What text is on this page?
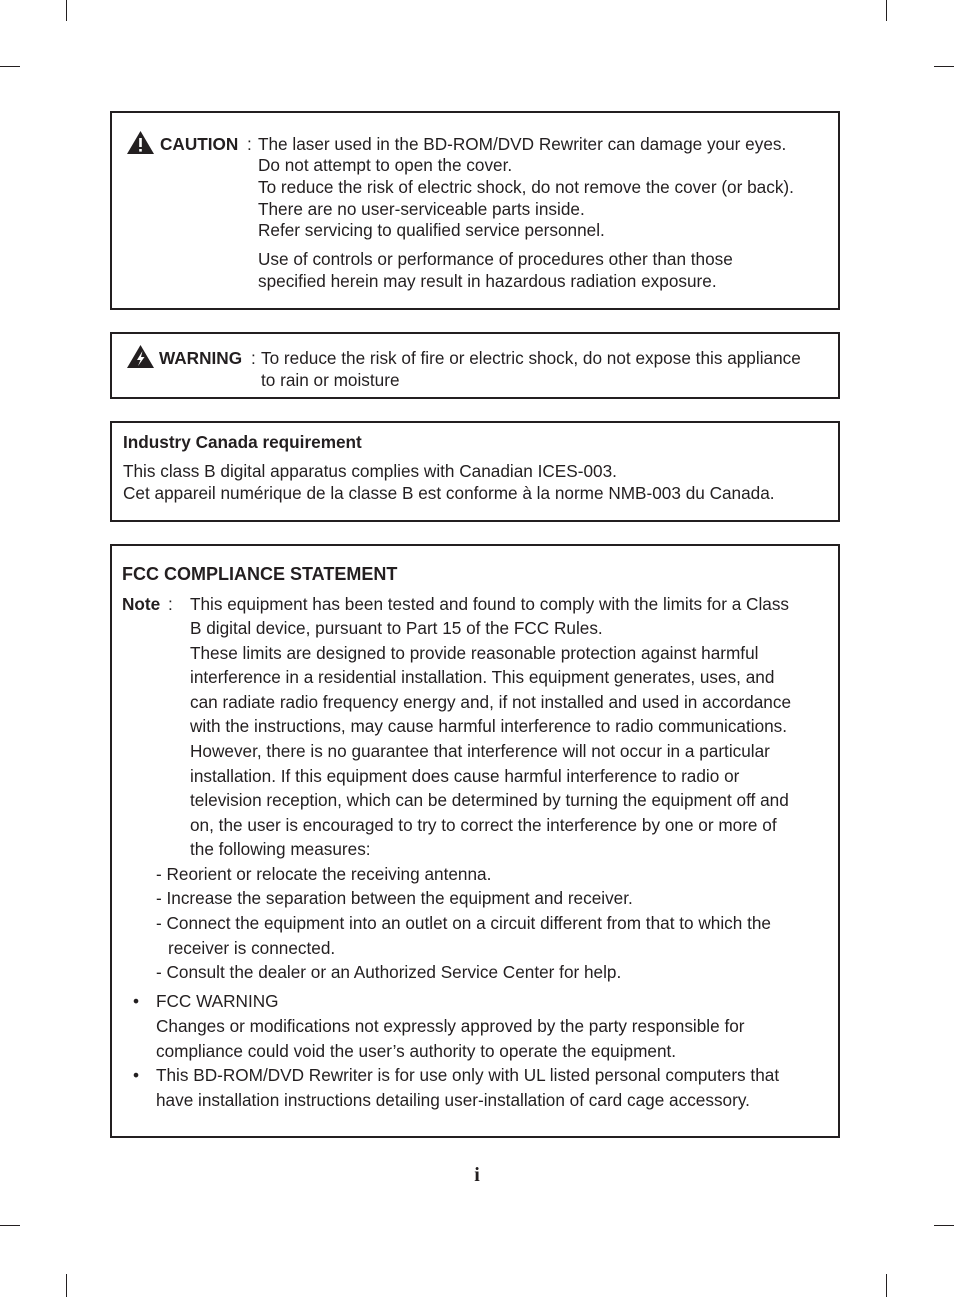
CAUTION : The laser used in the BD-ROM/DVD Rewriter can damage your eyes.
Do not attempt to open the cover.
To reduce the risk of electric shock, do not remove the cover (or back).
There are no user-serviceable parts inside.
Refer servicing to qualified service personnel.
Use of controls or performance of procedures other than those
specified herein may result in hazardous radiation exposure.
WARNING : To reduce the risk of fire or electric shock, do not expose this appliance
to rain or moisture
Industry Canada requirement
This class B digital apparatus complies with Canadian ICES-003.
Cet appareil numérique de la classe B est conforme à la norme NMB-003 du Canada.
FCC COMPLIANCE STATEMENT
Note : This equipment has been tested and found to comply with the limits for a Class
B digital device, pursuant to Part 15 of the FCC Rules.
These limits are designed to provide reasonable protection against harmful
interference in a residential installation. This equipment generates, uses, and
can radiate radio frequency energy and, if not installed and used in accordance
with the instructions, may cause harmful interference to radio communications.
However, there is no guarantee that interference will not occur in a particular
installation. If this equipment does cause harmful interference to radio or
television reception, which can be determined by turning the equipment off and
on, the user is encouraged to try to correct the interference by one or more of
the following measures:
- Reorient or relocate the receiving antenna.
- Increase the separation between the equipment and receiver.
- Connect the equipment into an outlet on a circuit different from that to which the
receiver is connected.
- Consult the dealer or an Authorized Service Center for help.
• FCC WARNING
Changes or modifications not expressly approved by the party responsible for
compliance could void the user’s authority to operate the equipment.
• This BD-ROM/DVD Rewriter is for use only with UL listed personal computers that
have installation instructions detailing user-installation of card cage accessory.
i
